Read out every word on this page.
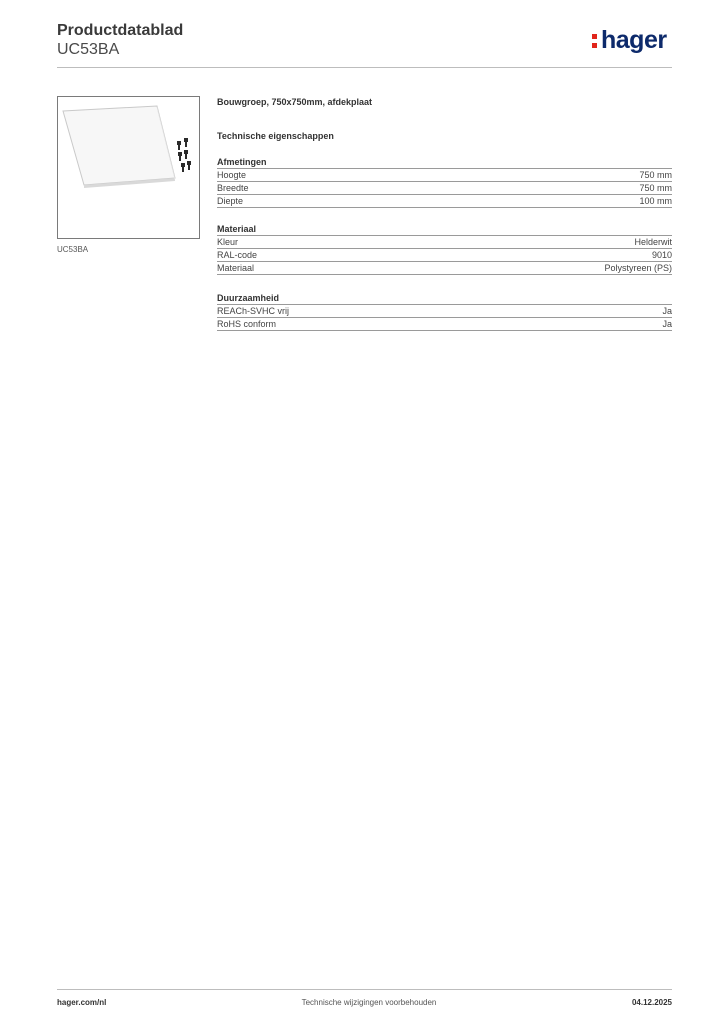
Productdatablad
UC53BA	hager
UC53BA
Bouwgroep, 750x750mm, afdekplaat
Technische eigenschappen
Afmetingen
Hoogte	750 mm
Breedte	750 mm
Diepte	100 mm
Materiaal
Kleur	Helderwit
RAL-code	9010
Materiaal	Polystyreen (PS)
Duurzaamheid
REACh-SVHC vrij	Ja
RoHS conform	Ja
hager.com/nl	Technische wijzigingen voorbehouden	04.12.2025
